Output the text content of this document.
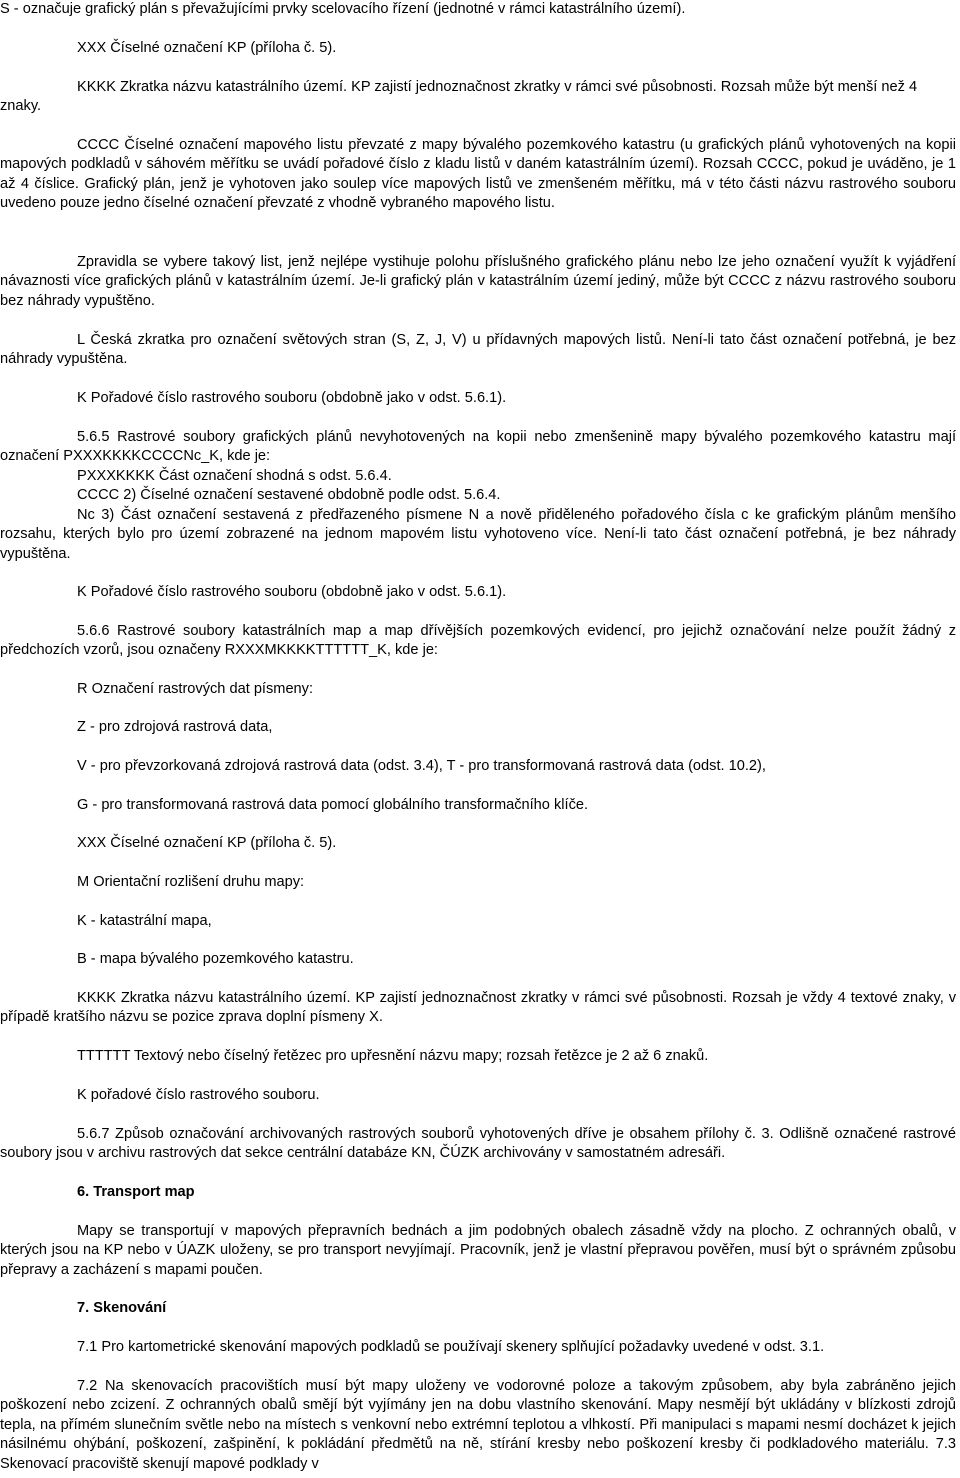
S - označuje grafický plán s převažujícími prvky scelovacího řízení (jednotné v rámci katastrálního území).

XXX Číselné označení KP (příloha č. 5).

KKKK Zkratka názvu katastrálního území. KP zajistí jednoznačnost zkratky v rámci své působnosti. Rozsah může být menší než 4 znaky.

CCCC Číselné označení mapového listu převzaté z mapy bývalého pozemkového katastru (u grafických plánů vyhotovených na kopii mapových podkladů v sáhovém měřítku se uvádí pořadové číslo z kladu listů v daném katastrálním území). Rozsah CCCC, pokud je uváděno, je 1 až 4 číslice. Grafický plán, jenž je vyhotoven jako soulep více mapových listů ve zmenšeném měřítku, má v této části názvu rastrového souboru uvedeno pouze jedno číselné označení převzaté z vhodně vybraného mapového listu.

Zpravidla se vybere takový list, jenž nejlépe vystihuje polohu příslušného grafického plánu nebo lze jeho označení využít k vyjádření návaznosti více grafických plánů v katastrálním území. Je-li grafický plán v katastrálním území jediný, může být CCCC z názvu rastrového souboru bez náhrady vypuštěno.

L Česká zkratka pro označení světových stran (S, Z, J, V) u přídavných mapových listů. Není-li tato část označení potřebná, je bez náhrady vypuštěna.

K Pořadové číslo rastrového souboru (obdobně jako v odst. 5.6.1).

5.6.5 Rastrové soubory grafických plánů nevyhotovených na kopii nebo zmenšenině mapy bývalého pozemkového katastru mají označení PXXXKKKKCCCCNc_K, kde je:

PXXXKKKK Část označení shodná s odst. 5.6.4.

CCCC 2) Číselné označení sestavené obdobně podle odst. 5.6.4.

Nc 3) Část označení sestavená z předřazeného písmene N a nově přiděleného pořadového čísla c ke grafickým plánům menšího rozsahu, kterých bylo pro území zobrazené na jednom mapovém listu vyhotoveno více. Není-li tato část označení potřebná, je bez náhrady vypuštěna.

K Pořadové číslo rastrového souboru (obdobně jako v odst. 5.6.1).

5.6.6 Rastrové soubory katastrálních map a map dřívějších pozemkových evidencí, pro jejichž označování nelze použít žádný z předchozích vzorů, jsou označeny RXXXMKKKKTTTTTT_K, kde je:

R Označení rastrových dat písmeny:

Z - pro zdrojová rastrová data,

V - pro převzorkovaná zdrojová rastrová data (odst. 3.4), T - pro transformovaná rastrová data (odst. 10.2),

G - pro transformovaná rastrová data pomocí globálního transformačního klíče.

XXX Číselné označení KP (příloha č. 5).

M Orientační rozlišení druhu mapy:

K - katastrální mapa,

B - mapa bývalého pozemkového katastru.

KKKK Zkratka názvu katastrálního území. KP zajistí jednoznačnost zkratky v rámci své působnosti. Rozsah je vždy 4 textové znaky, v případě kratšího názvu se pozice zprava doplní písmeny X.

TTTTTT Textový nebo číselný řetězec pro upřesnění názvu mapy; rozsah řetězce je 2 až 6 znaků.

K pořadové číslo rastrového souboru.

5.6.7 Způsob označování archivovaných rastrových souborů vyhotovených dříve je obsahem přílohy č. 3. Odlišně označené rastrové soubory jsou v archivu rastrových dat sekce centrální databáze KN, ČÚZK archivovány v samostatném adresáři.

6. Transport map

Mapy se transportují v mapových přepravních bednách a jim podobných obalech zásadně vždy na plocho. Z ochranných obalů, v kterých jsou na KP nebo v ÚAZK uloženy, se pro transport nevyjímají. Pracovník, jenž je vlastní přepravou pověřen, musí být o správném způsobu přepravy a zacházení s mapami poučen.

7. Skenování

7.1 Pro kartometrické skenování mapových podkladů se používají skenery splňující požadavky uvedené v odst. 3.1.

7.2 Na skenovacích pracovištích musí být mapy uloženy ve vodorovné poloze a takovým způsobem, aby byla zabráněno jejich poškození nebo zcizení. Z ochranných obalů smějí být vyjímány jen na dobu vlastního skenování. Mapy nesmějí být ukládány v blízkosti zdrojů tepla, na přímém slunečním světle nebo na místech s venkovní nebo extrémní teplotou a vlhkostí. Při manipulaci s mapami nesmí docházet k jejich násilnému ohýbání, poškození, zašpinění, k pokládání předmětů na ně, stírání kresby nebo poškození kresby či podkladového materiálu. 7.3 Skenovací pracoviště skenují mapové podklady v
